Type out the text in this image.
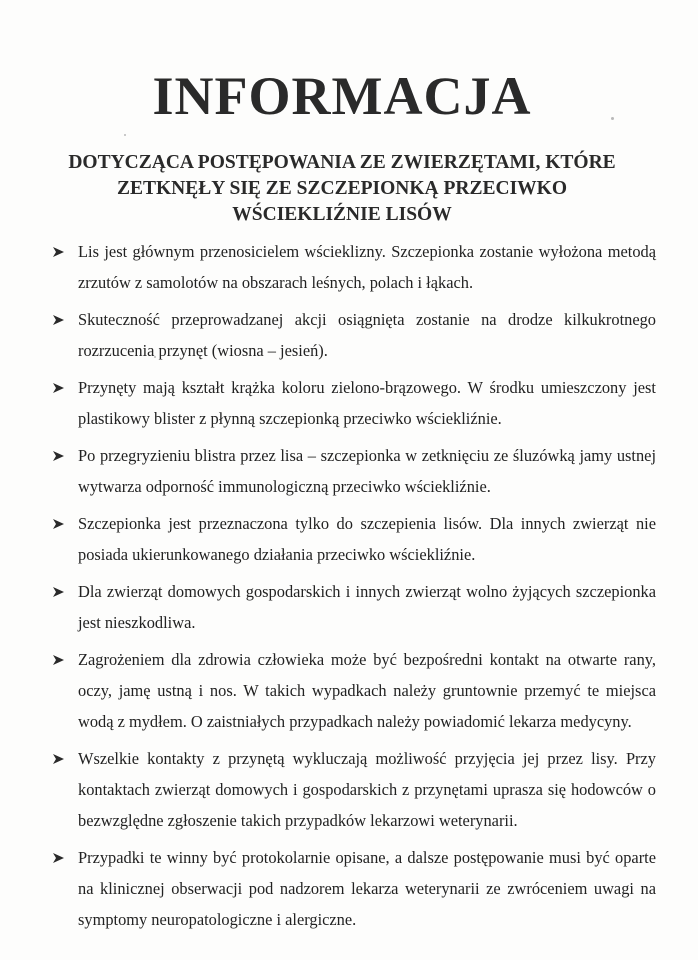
INFORMACJA
DOTYCZĄCA POSTĘPOWANIA ZE ZWIERZĘTAMI, KTÓRE
ZETKNĘŁY SIĘ ZE SZCZEPIONKĄ PRZECIWKO
WŚCIEKLIŹNIE LISÓW
Lis jest głównym przenosicielem wścieklizny. Szczepionka zostanie wyłożona metodą zrzutów z samolotów na obszarach leśnych, polach i łąkach.
Skuteczność przeprowadzanej akcji osiągnięta zostanie na drodze kilkukrotnego rozrzucenia przynęt (wiosna – jesień).
Przynęty mają kształt krążka koloru zielono-brązowego. W środku umieszczony jest plastikowy blister z płynną szczepionką przeciwko wściekliźnie.
Po przegryzieniu blistra przez lisa – szczepionka w zetknięciu ze śluzówką jamy ustnej wytwarza odporność immunologiczną przeciwko wściekliźnie.
Szczepionka jest przeznaczona tylko do szczepienia lisów. Dla innych zwierząt nie posiada ukierunkowanego działania przeciwko wściekliźnie.
Dla zwierząt domowych gospodarskich i innych zwierząt wolno żyjących szczepionka jest nieszkodliwa.
Zagrożeniem dla zdrowia człowieka może być bezpośredni kontakt na otwarte rany, oczy, jamę ustną i nos. W takich wypadkach należy gruntownie przemyć te miejsca wodą z mydłem. O zaistniałych przypadkach należy powiadomić lekarza medycyny.
Wszelkie kontakty z przynętą wykluczają możliwość przyjęcia jej przez lisy. Przy kontaktach zwierząt domowych i gospodarskich z przynętami uprasza się hodowców o bezwzględne zgłoszenie takich przypadków lekarzowi weterynarii.
Przypadki te winny być protokolarnie opisane, a dalsze postępowanie musi być oparte na klinicznej obserwacji pod nadzorem lekarza weterynarii ze zwróceniem uwagi na symptomy neuropatologiczne i alergiczne.
